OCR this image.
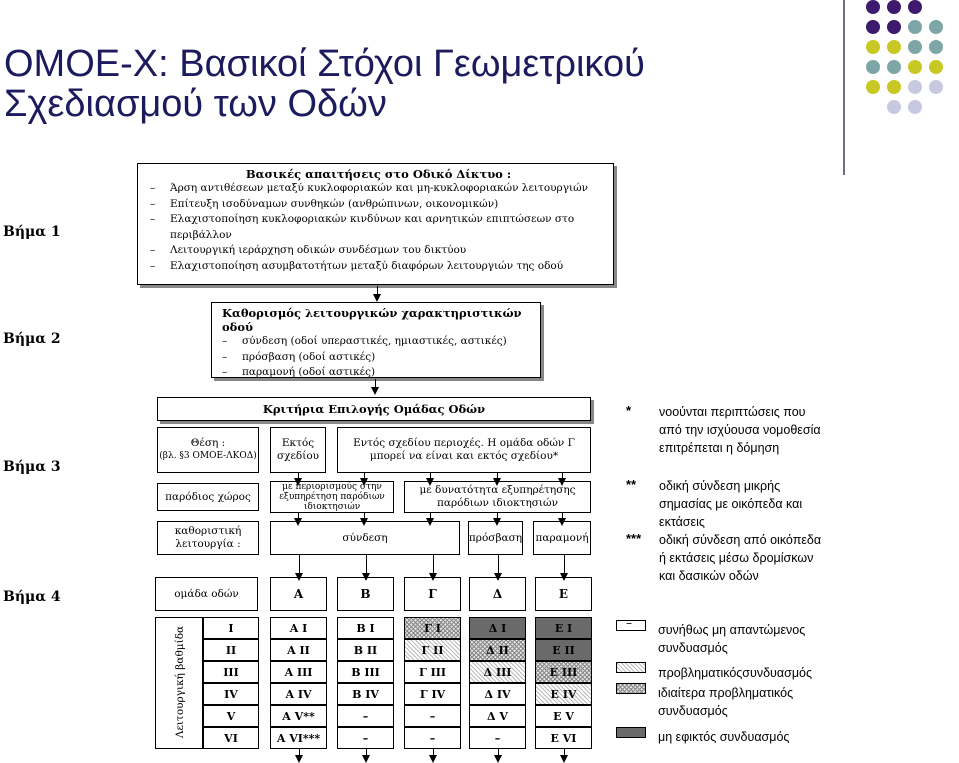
ΟΜΟΕ-Χ: Βασικοί Στόχοι Γεωμετρικού
Σχεδιασμού των Οδών
Βήμα 1
Βήμα 2
Βήμα 3
Βήμα 4
Βασικές απαιτήσεις στο Οδικό Δίκτυο :
– Άρση αντιθέσεων μεταξύ κυκλοφοριακών και μη-κυκλοφοριακών λειτουργιών
– Επίτευξη ισοδύναμων συνθηκών (ανθρώπινων, οικονομικών)
– Ελαχιστοποίηση κυκλοφοριακών κινδύνων και αρνητικών επιπτώσεων στο
περιβάλλον
– Λειτουργική ιεράρχηση οδικών συνδέσμων του δικτύου
– Ελαχιστοποίηση ασυμβατοτήτων μεταξύ διαφόρων λειτουργιών της οδού
Καθορισμός λειτουργικών χαρακτηριστικών οδού
– σύνδεση (οδοί υπεραστικές, ημιαστικές, αστικές)
– πρόσβαση (οδοί αστικές)
– παραμονή (οδοί αστικές)
Κριτήρια Επιλογής Ομάδας Οδών
Θέση :
(βλ. §3 ΟΜΟΕ-ΛΚΟΔ)
Εκτός σχεδίου
Εντός σχεδίου περιοχές. Η ομάδα οδών Γ μπορεί να είναι και εκτός σχεδίου*
παρόδιος χώρος
με περιορισμούς στην εξυπηρέτηση παρόδιων ιδιοκτησιών
με δυνατότητα εξυπηρέτησης παρόδιων ιδιοκτησιών
καθοριστική λειτουργία :
σύνδεση	πρόσβαση παραμονή
ομάδα οδών	Α	Β	Γ	Δ	Ε
Λειτουργική βαθμίδα	I	Α I	Β I	Γ I	Δ I	Ε I
II	Α II	Β II	Γ II	Δ II	Ε II
III	Α III	Β III	Γ III	Δ III	Ε III
IV	Α IV	Β IV	Γ IV	Δ IV	Ε IV
V	Α V**	–	–	Δ V	Ε V
VI	Α VI***	–	–	–	Ε VI
* νοούνται περιπτώσεις που από την ισχύουσα νομοθεσία επιτρέπεται η δόμηση
** οδική σύνδεση μικρής σημασίας με οικόπεδα και εκτάσεις
*** οδική σύνδεση από οικόπεδα ή εκτάσεις μέσω δρομίσκων και δασικών οδών
– συνήθως μη απαντώμενος συνδυασμός
προβληματικόςσυνδυασμός
ιδιαίτερα προβληματικός συνδυασμός
μη εφικτός συνδυασμός
